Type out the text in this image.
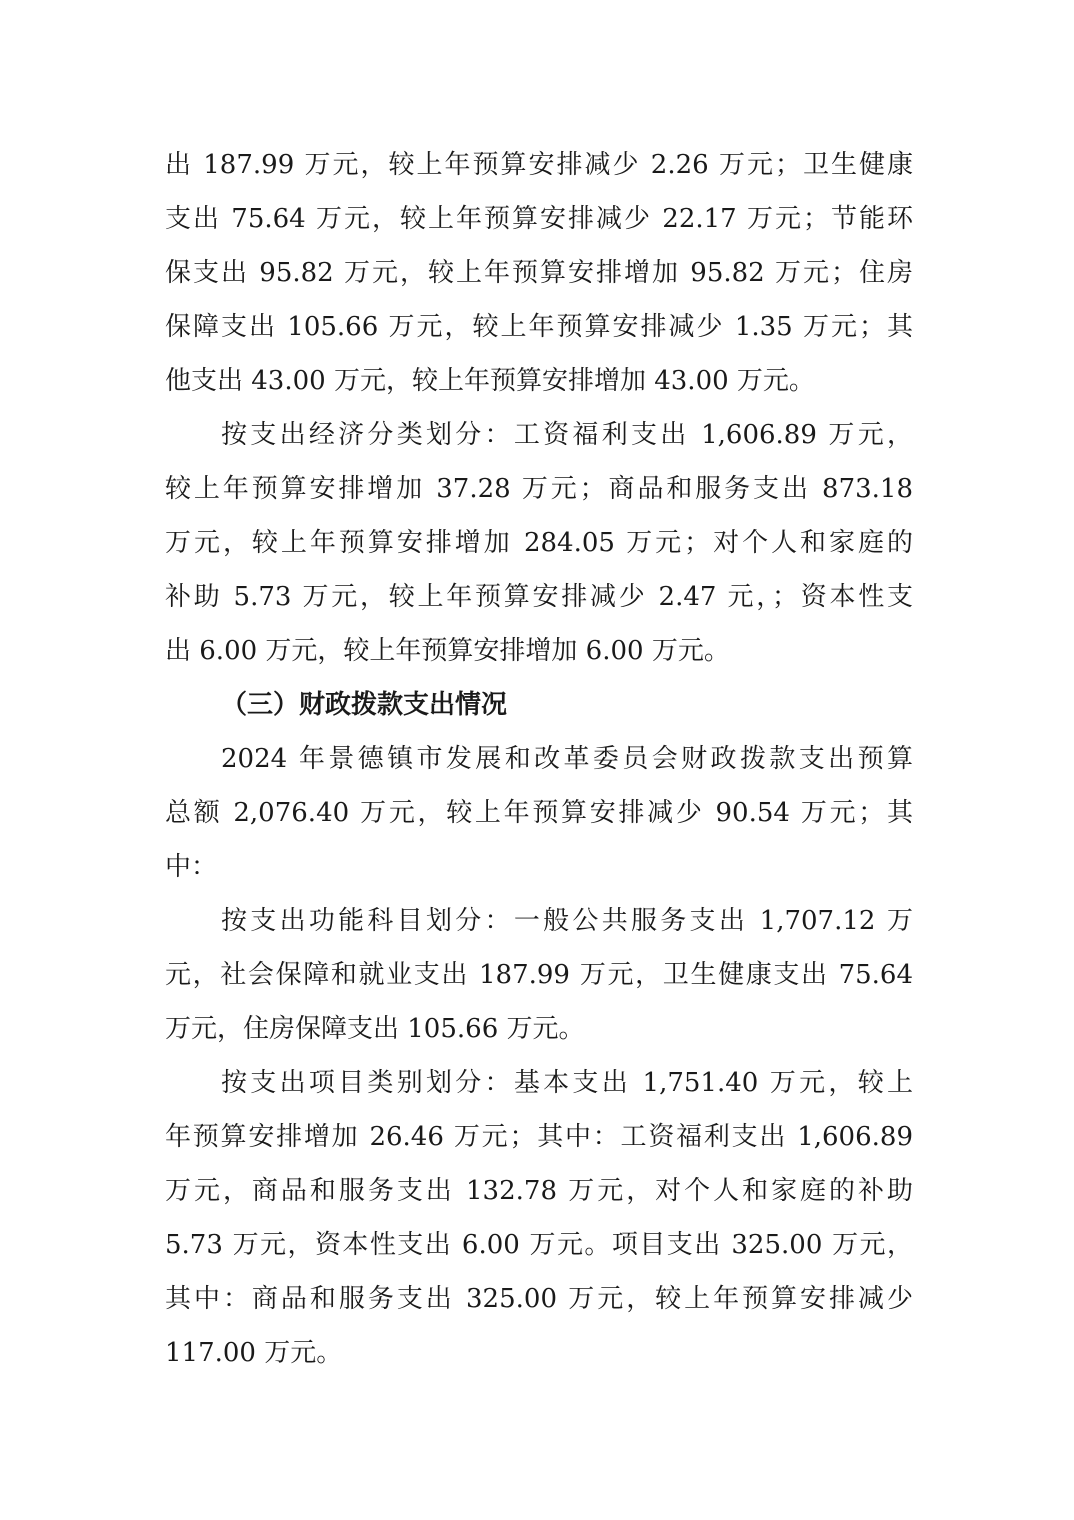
出 187.99 万元，较上年预算安排减少 2.26 万元；卫生健康
支出 75.64 万元，较上年预算安排减少 22.17 万元；节能环
保支出 95.82 万元，较上年预算安排增加 95.82 万元；住房
保障支出 105.66 万元，较上年预算安排减少 1.35 万元；其
他支出 43.00 万元，较上年预算安排增加 43.00 万元。
按支出经济分类划分：工资福利支出 1,606.89 万元，
较上年预算安排增加 37.28 万元；商品和服务支出 873.18
万元，较上年预算安排增加 284.05 万元；对个人和家庭的
补助 5.73 万元，较上年预算安排减少 2.47 元，；资本性支
出 6.00 万元，较上年预算安排增加 6.00 万元。
（三）财政拨款支出情况
2024 年景德镇市发展和改革委员会财政拨款支出预算
总额 2,076.40 万元，较上年预算安排减少 90.54 万元；其
中：
按支出功能科目划分：一般公共服务支出 1,707.12 万
元，社会保障和就业支出 187.99 万元，卫生健康支出 75.64
万元，住房保障支出 105.66 万元。
按支出项目类别划分：基本支出 1,751.40 万元，较上
年预算安排增加 26.46 万元；其中：工资福利支出 1,606.89
万元，商品和服务支出 132.78 万元，对个人和家庭的补助
5.73 万元，资本性支出 6.00 万元。项目支出 325.00 万元，
其中：商品和服务支出 325.00 万元，较上年预算安排减少
117.00 万元。
